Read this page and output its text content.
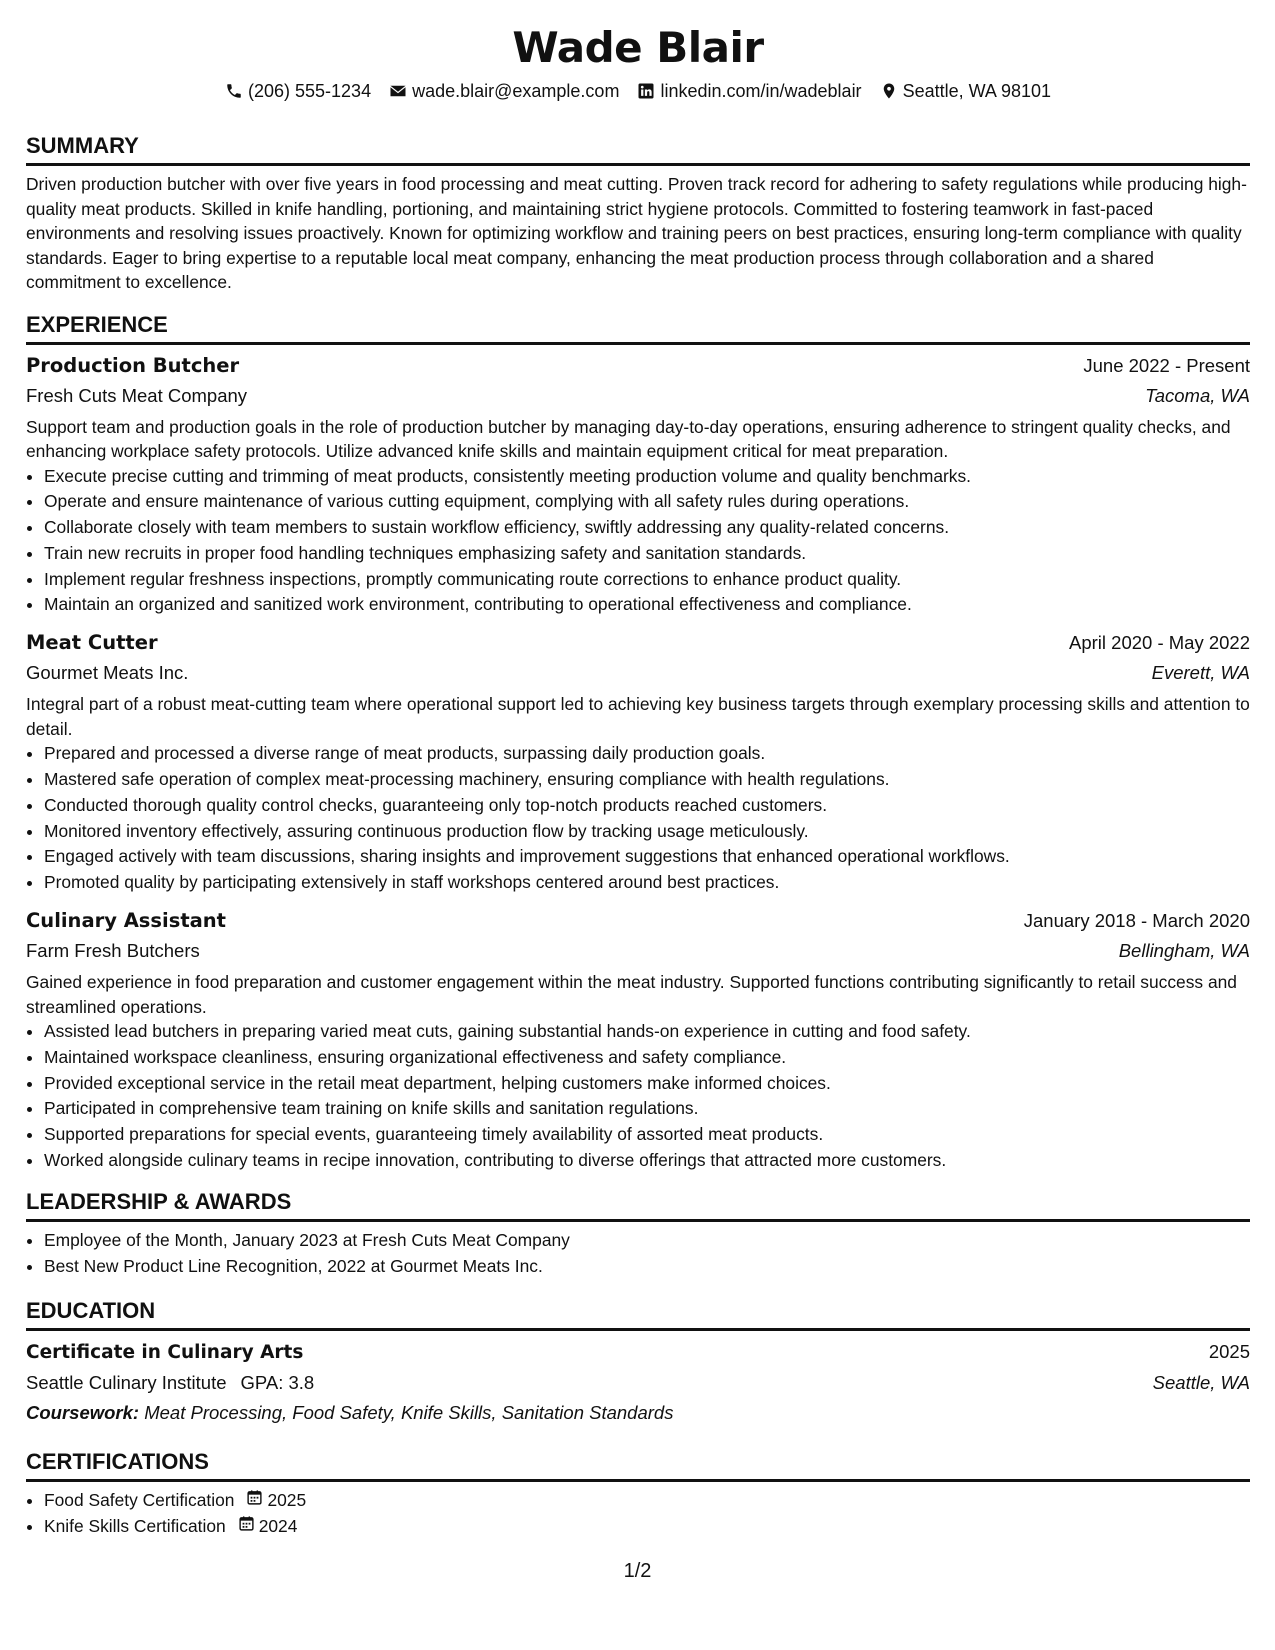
Wade Blair
(206) 555-1234 wade.blair@example.com linkedin.com/in/wadeblair Seattle, WA 98101
SUMMARY
Driven production butcher with over five years in food processing and meat cutting. Proven track record for adhering to safety regulations while producing high-quality meat products. Skilled in knife handling, portioning, and maintaining strict hygiene protocols. Committed to fostering teamwork in fast-paced environments and resolving issues proactively. Known for optimizing workflow and training peers on best practices, ensuring long-term compliance with quality standards. Eager to bring expertise to a reputable local meat company, enhancing the meat production process through collaboration and a shared commitment to excellence.
EXPERIENCE
Production Butcher	June 2022 - Present
Fresh Cuts Meat Company	Tacoma, WA
Support team and production goals in the role of production butcher by managing day-to-day operations, ensuring adherence to stringent quality checks, and enhancing workplace safety protocols. Utilize advanced knife skills and maintain equipment critical for meat preparation.
• Execute precise cutting and trimming of meat products, consistently meeting production volume and quality benchmarks.
• Operate and ensure maintenance of various cutting equipment, complying with all safety rules during operations.
• Collaborate closely with team members to sustain workflow efficiency, swiftly addressing any quality-related concerns.
• Train new recruits in proper food handling techniques emphasizing safety and sanitation standards.
• Implement regular freshness inspections, promptly communicating route corrections to enhance product quality.
• Maintain an organized and sanitized work environment, contributing to operational effectiveness and compliance.
Meat Cutter	April 2020 - May 2022
Gourmet Meats Inc.	Everett, WA
Integral part of a robust meat-cutting team where operational support led to achieving key business targets through exemplary processing skills and attention to detail.
• Prepared and processed a diverse range of meat products, surpassing daily production goals.
• Mastered safe operation of complex meat-processing machinery, ensuring compliance with health regulations.
• Conducted thorough quality control checks, guaranteeing only top-notch products reached customers.
• Monitored inventory effectively, assuring continuous production flow by tracking usage meticulously.
• Engaged actively with team discussions, sharing insights and improvement suggestions that enhanced operational workflows.
• Promoted quality by participating extensively in staff workshops centered around best practices.
Culinary Assistant	January 2018 - March 2020
Farm Fresh Butchers	Bellingham, WA
Gained experience in food preparation and customer engagement within the meat industry. Supported functions contributing significantly to retail success and streamlined operations.
• Assisted lead butchers in preparing varied meat cuts, gaining substantial hands-on experience in cutting and food safety.
• Maintained workspace cleanliness, ensuring organizational effectiveness and safety compliance.
• Provided exceptional service in the retail meat department, helping customers make informed choices.
• Participated in comprehensive team training on knife skills and sanitation regulations.
• Supported preparations for special events, guaranteeing timely availability of assorted meat products.
• Worked alongside culinary teams in recipe innovation, contributing to diverse offerings that attracted more customers.
LEADERSHIP & AWARDS
• Employee of the Month, January 2023 at Fresh Cuts Meat Company
• Best New Product Line Recognition, 2022 at Gourmet Meats Inc.
EDUCATION
Certificate in Culinary Arts	2025
Seattle Culinary Institute GPA: 3.8	Seattle, WA
Coursework: Meat Processing, Food Safety, Knife Skills, Sanitation Standards
CERTIFICATIONS
• Food Safety Certification 2025
• Knife Skills Certification 2024
1/2
